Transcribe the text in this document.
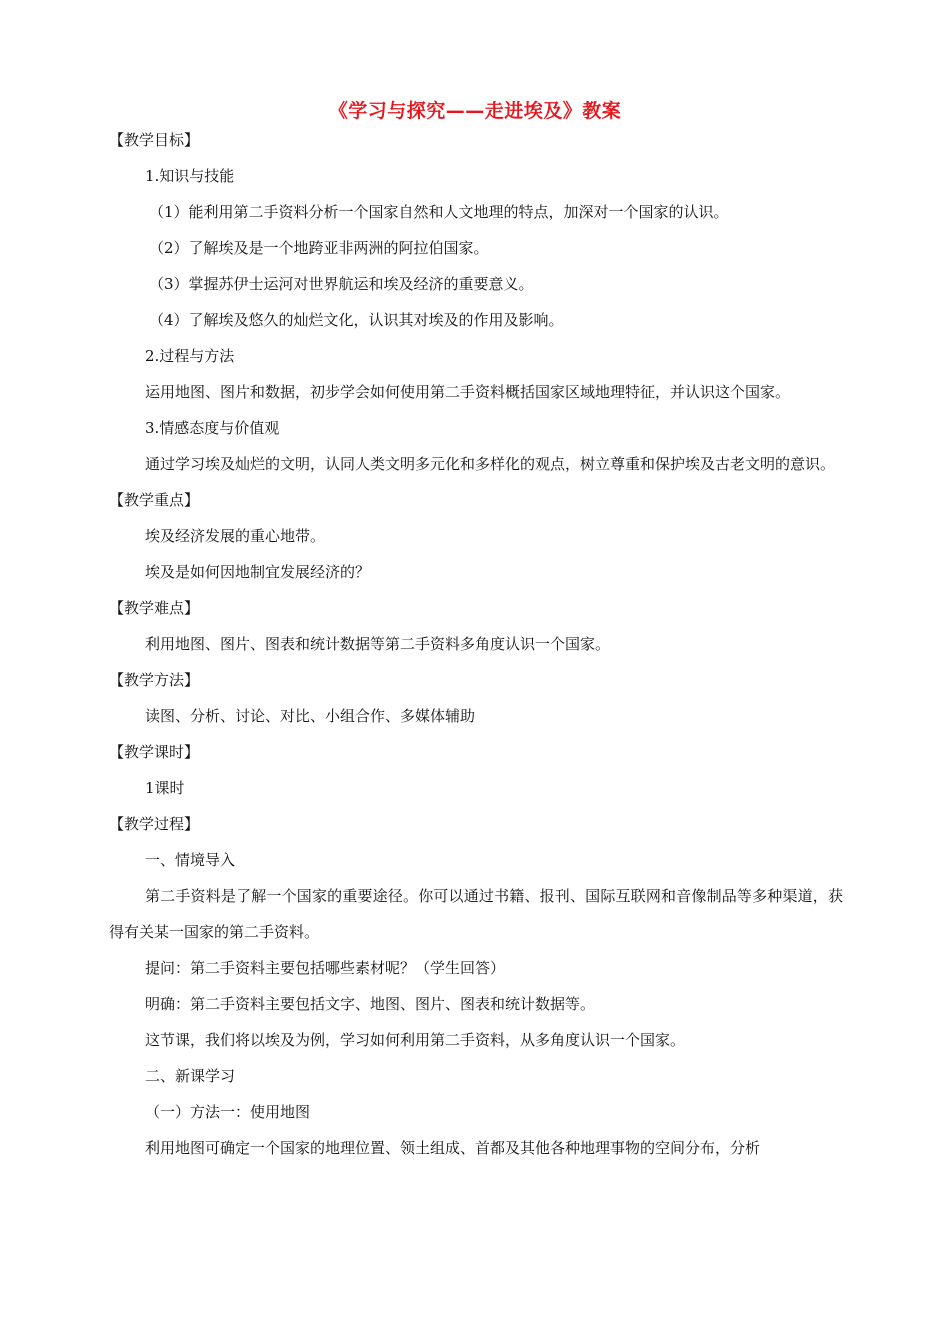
《学习与探究——走进埃及》教案

【教学目标】

1.知识与技能

（1）能利用第二手资料分析一个国家自然和人文地理的特点，加深对一个国家的认识。

（2）了解埃及是一个地跨亚非两洲的阿拉伯国家。

（3）掌握苏伊士运河对世界航运和埃及经济的重要意义。

（4）了解埃及悠久的灿烂文化，认识其对埃及的作用及影响。

2.过程与方法

运用地图、图片和数据，初步学会如何使用第二手资料概括国家区域地理特征，并认识这个国家。

3.情感态度与价值观

通过学习埃及灿烂的文明，认同人类文明多元化和多样化的观点，树立尊重和保护埃及古老文明的意识。

【教学重点】

埃及经济发展的重心地带。

埃及是如何因地制宜发展经济的？

【教学难点】

利用地图、图片、图表和统计数据等第二手资料多角度认识一个国家。

【教学方法】

读图、分析、讨论、对比、小组合作、多媒体辅助

【教学课时】

1课时

【教学过程】

一、情境导入

第二手资料是了解一个国家的重要途径。你可以通过书籍、报刊、国际互联网和音像制品等多种渠道，获得有关某一国家的第二手资料。

提问：第二手资料主要包括哪些素材呢？（学生回答）

明确：第二手资料主要包括文字、地图、图片、图表和统计数据等。

这节课，我们将以埃及为例，学习如何利用第二手资料，从多角度认识一个国家。

二、新课学习

（一）方法一：使用地图

利用地图可确定一个国家的地理位置、领土组成、首都及其他各种地理事物的空间分布，分析
